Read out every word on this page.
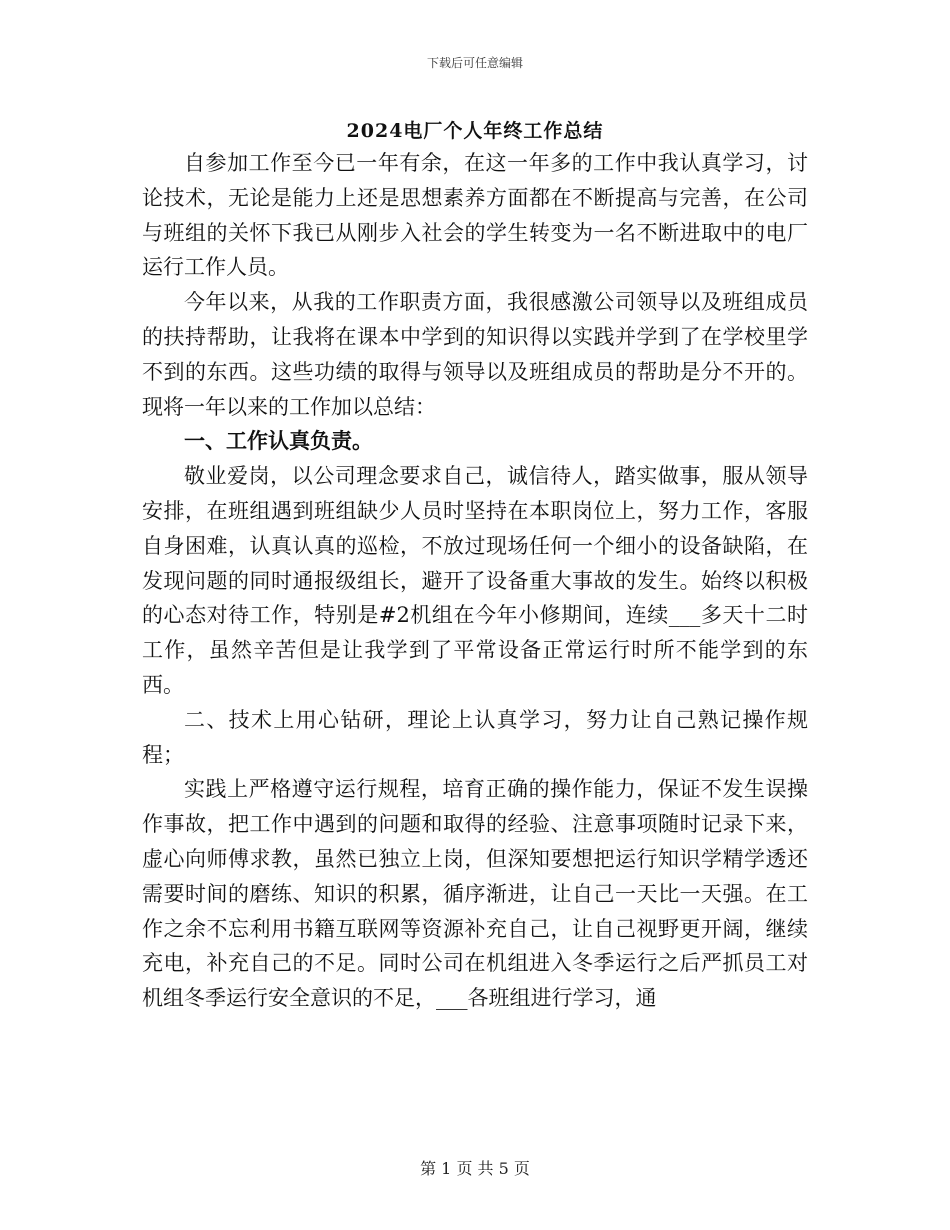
下载后可任意编辑
2024电厂个人年终工作总结

自参加工作至今已一年有余，在这一年多的工作中我认真学习，讨论技术，无论是能力上还是思想素养方面都在不断提高与完善，在公司与班组的关怀下我已从刚步入社会的学生转变为一名不断进取中的电厂运行工作人员。

今年以来，从我的工作职责方面，我很感激公司领导以及班组成员的扶持帮助，让我将在课本中学到的知识得以实践并学到了在学校里学不到的东西。这些功绩的取得与领导以及班组成员的帮助是分不开的。现将一年以来的工作加以总结：

一、工作认真负责。

敬业爱岗，以公司理念要求自己，诚信待人，踏实做事，服从领导安排，在班组遇到班组缺少人员时坚持在本职岗位上，努力工作，客服自身困难，认真认真的巡检，不放过现场任何一个细小的设备缺陷，在发现问题的同时通报级组长，避开了设备重大事故的发生。始终以积极的心态对待工作，特别是#2机组在今年小修期间，连续___多天十二时工作，虽然辛苦但是让我学到了平常设备正常运行时所不能学到的东西。

二、技术上用心钻研，理论上认真学习，努力让自己熟记操作规程；

实践上严格遵守运行规程，培育正确的操作能力，保证不发生误操作事故，把工作中遇到的问题和取得的经验、注意事项随时记录下来，虚心向师傅求教，虽然已独立上岗，但深知要想把运行知识学精学透还需要时间的磨练、知识的积累，循序渐进，让自己一天比一天强。在工作之余不忘利用书籍互联网等资源补充自己，让自己视野更开阔，继续充电，补充自己的不足。同时公司在机组进入冬季运行之后严抓员工对机组冬季运行安全意识的不足，___各班组进行学习，通

第 1 页 共 5 页
